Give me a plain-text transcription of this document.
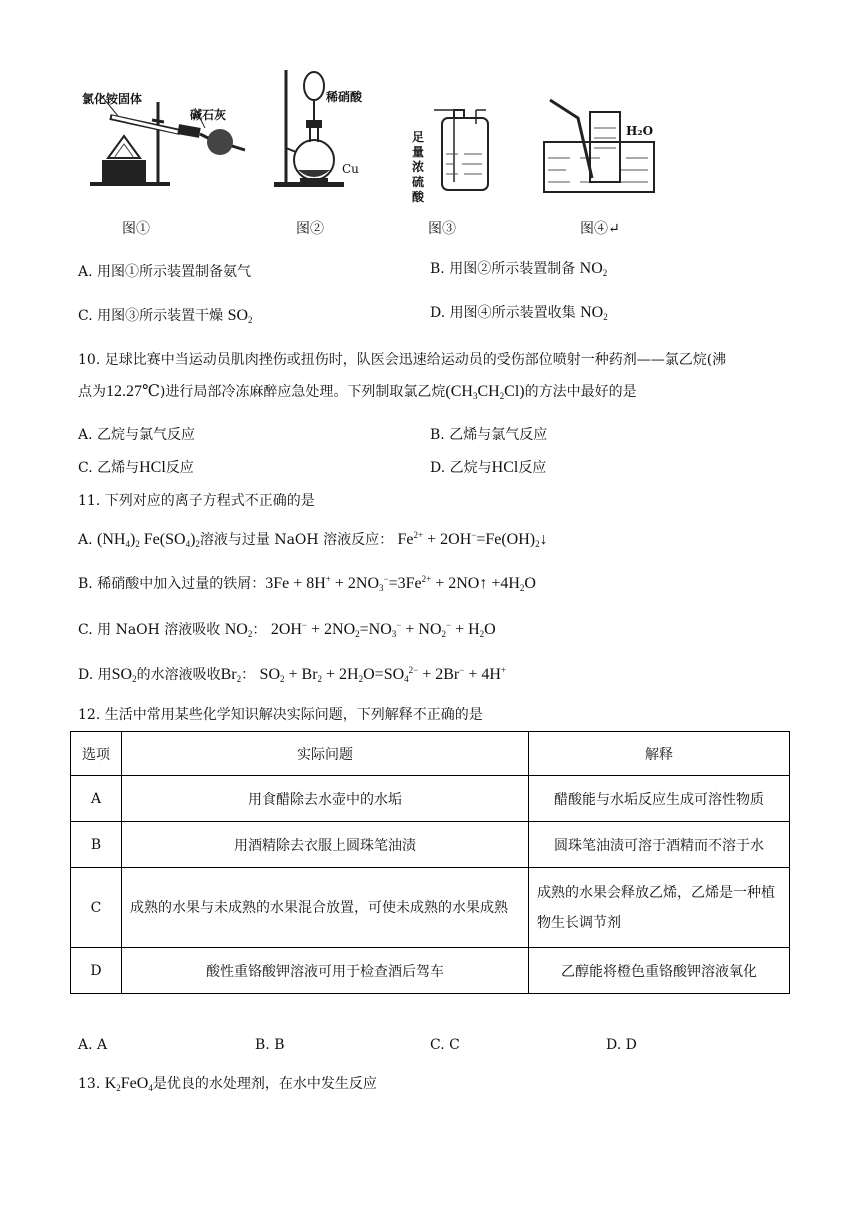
氯化铵固体
碱石灰
稀硝酸
Cu
足量浓硫酸
H₂O
图①	图②	图③	图④↵
A. 用图①所示装置制备氨气	B. 用图②所示装置制备 $NO_2$
C. 用图③所示装置干燥 $SO_2$	D. 用图④所示装置收集 $NO_2$
10. 足球比赛中当运动员肌肉挫伤或扭伤时，队医会迅速给运动员的受伤部位喷射一种药剂——氯乙烷(沸
点为12.27℃)进行局部冷冻麻醉应急处理。下列制取氯乙烷$(CH_3CH_2Cl)$的方法中最好的是
A. 乙烷与氯气反应	B. 乙烯与氯气反应
C. 乙烯与HCl反应	D. 乙烷与HCl反应
11. 下列对应的离子方程式不正确的是
A. $(NH_4)_2$ $Fe(SO_4)_2$溶液与过量 NaOH 溶液反应： $Fe^{2+}$ + $2OH^-=Fe(OH)_2↓$
B. 稀硝酸中加入过量的铁屑：$3Fe + 8H^+ + 2NO_3^-=3Fe^{2+}$ + 2NO↑ $+4H_2O$
C. 用 NaOH 溶液吸收 $NO_2$： $2OH^- + 2NO_2=NO_3^- + NO_2^- + H_2O$
D. 用$SO_2$的水溶液吸收$Br_2$： $SO_2 + Br_2 + 2H_2O=SO_4^{2-} + 2Br^- + 4H^+$
12. 生活中常用某些化学知识解决实际问题，下列解释不正确的是
选项	实际问题	解释
A	用食醋除去水壶中的水垢	醋酸能与水垢反应生成可溶性物质
B	用酒精除去衣服上圆珠笔油渍	圆珠笔油渍可溶于酒精而不溶于水
C	成熟的水果与未成熟的水果混合放置，可使未成熟的水果成熟	成熟的水果会释放乙烯，乙烯是一种植物生长调节剂
D	酸性重铬酸钾溶液可用于检查酒后驾车	乙醇能将橙色重铬酸钾溶液氧化
A. A	B. B	C. C	D. D
13. $K_2FeO_4$是优良的水处理剂，在水中发生反应
